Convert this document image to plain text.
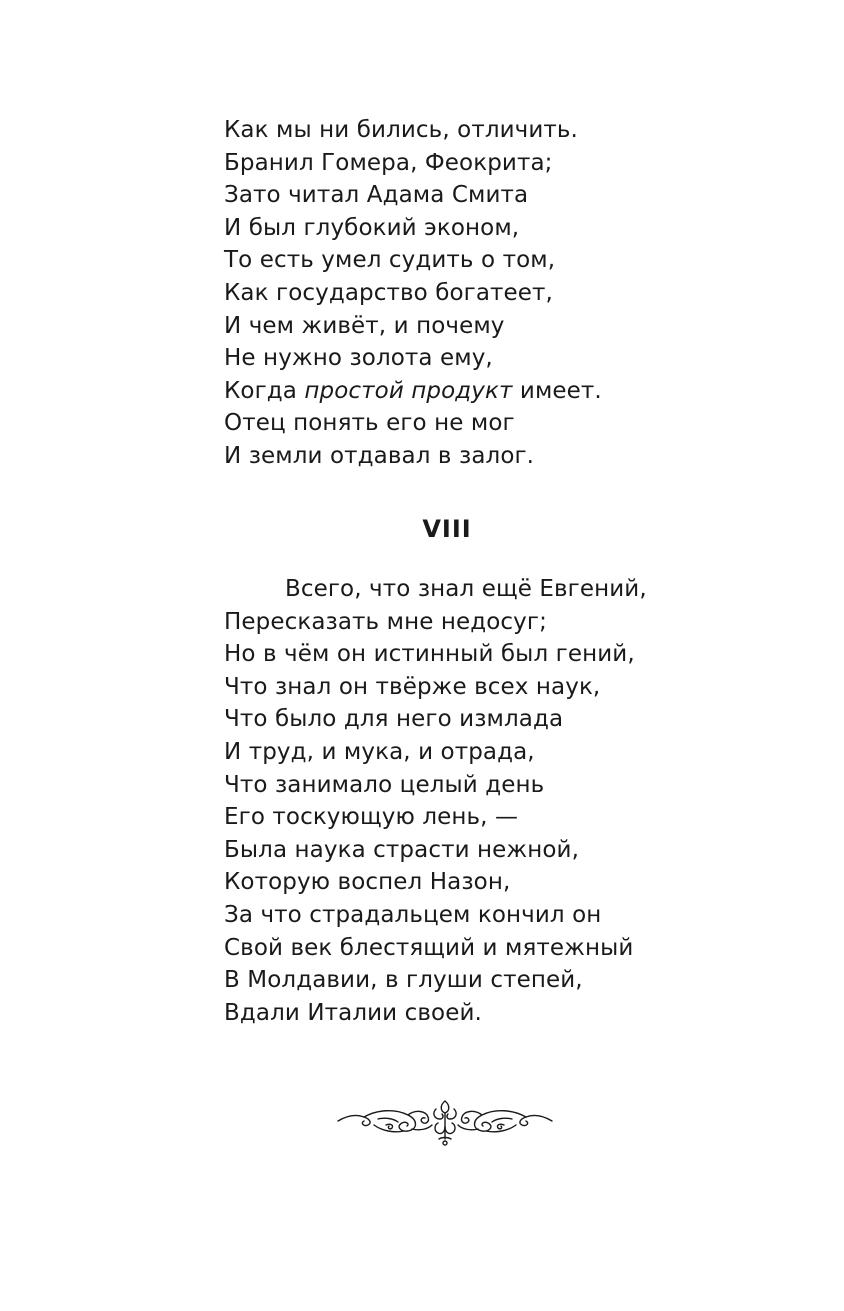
Как мы ни бились, отличить.
Бранил Гомера, Феокрита;
Зато читал Адама Смита
И был глубокий эконом,
То есть умел судить о том,
Как государство богатеет,
И чем живёт, и почему
Не нужно золота ему,
Когда простой продукт имеет.
Отец понять его не мог
И земли отдавал в залог.
VIII
Всего, что знал ещё Евгений,
Пересказать мне недосуг;
Но в чём он истинный был гений,
Что знал он твёрже всех наук,
Что было для него измлада
И труд, и мука, и отрада,
Что занимало целый день
Его тоскующую лень, —
Была наука страсти нежной,
Которую воспел Назон,
За что страдальцем кончил он
Свой век блестящий и мятежный
В Молдавии, в глуши степей,
Вдали Италии своей.
